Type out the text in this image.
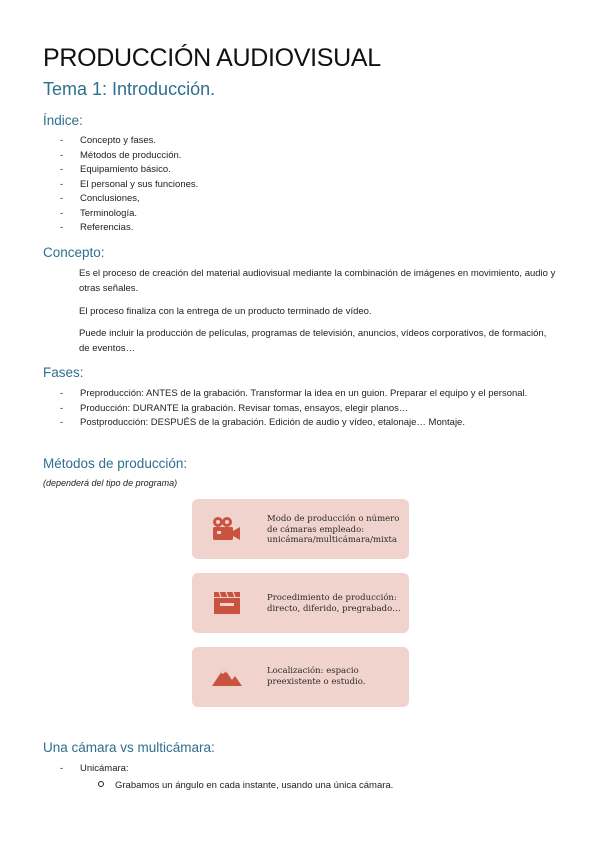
PRODUCCIÓN AUDIOVISUAL
Tema 1: Introducción.
Índice:
- Concepto y fases.
- Métodos de producción.
- Equipamiento básico.
- El personal y sus funciones.
- Conclusiones,
- Terminología.
- Referencias.
Concepto:

Es el proceso de creación del material audiovisual mediante la combinación de imágenes en movimiento, audio y otras señales.

El proceso finaliza con la entrega de un producto terminado de vídeo.

Puede incluir la producción de películas, programas de televisión, anuncios, vídeos corporativos, de formación, de eventos…

Fases:
- Preproducción: ANTES de la grabación. Transformar la idea en un guion. Preparar el equipo y el personal.
- Producción: DURANTE la grabación. Revisar tomas, ensayos, elegir planos…
- Postproducción: DESPUÉS de la grabación. Edición de audio y vídeo, etalonaje… Montaje.
Métodos de producción:
(dependerá del tipo de programa)
Modo de producción o número de cámaras empleado: unicámara/multicámara/mixta
Procedimiento de producción: directo, diferido, pregrabado…
Localización: espacio preexistente o estudio.
Una cámara vs multicámara:
- Unicámara:
Grabamos un ángulo en cada instante, usando una única cámara.
